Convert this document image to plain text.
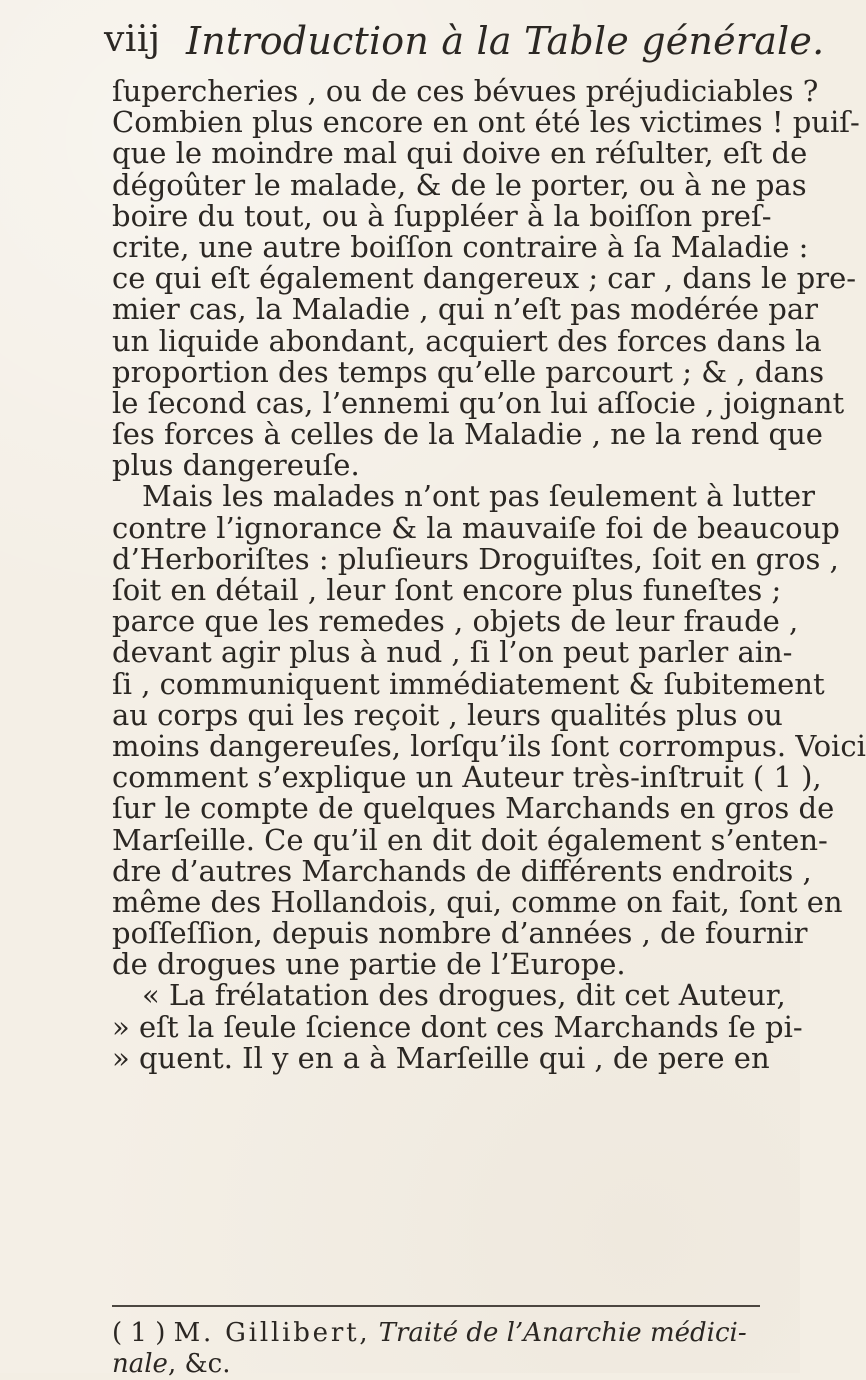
viij Introduction à la Table générale.
ſupercheries , ou de ces bévues préjudiciables ?
Combien plus encore en ont été les victimes ! puiſ-
que le moindre mal qui doive en réſulter, eſt de
dégoûter le malade, & de le porter, ou à ne pas
boire du tout, ou à ſuppléer à la boiſſon preſ-
crite, une autre boiſſon contraire à ſa Maladie :
ce qui eſt également dangereux ; car , dans le pre-
mier cas, la Maladie , qui n’eſt pas modérée par
un liquide abondant, acquiert des forces dans la
proportion des temps qu’elle parcourt ; & , dans
le ſecond cas, l’ennemi qu’on lui aſſocie , joignant
ſes forces à celles de la Maladie , ne la rend que
plus dangereuſe.
Mais les malades n’ont pas ſeulement à lutter
contre l’ignorance & la mauvaiſe foi de beaucoup
d’Herboriſtes : pluſieurs Droguiſtes, ſoit en gros ,
ſoit en détail , leur ſont encore plus funeſtes ;
parce que les remedes , objets de leur fraude ,
devant agir plus à nud , ſi l’on peut parler ain-
ſi , communiquent immédiatement & ſubitement
au corps qui les reçoit , leurs qualités plus ou
moins dangereuſes, lorſqu’ils ſont corrompus. Voici
comment s’explique un Auteur très-inſtruit ( 1 ),
ſur le compte de quelques Marchands en gros de
Marſeille. Ce qu’il en dit doit également s’enten-
dre d’autres Marchands de différents endroits ,
même des Hollandois, qui, comme on fait, ſont en
poſſeſſion, depuis nombre d’années , de fournir
de drogues une partie de l’Europe.
« La frélatation des drogues, dit cet Auteur,
» eſt la ſeule ſcience dont ces Marchands ſe pi-
» quent. Il y en a à Marſeille qui , de pere en
( 1 ) M. Gillibert, Traité de l’Anarchie médici-
nale, &c.
